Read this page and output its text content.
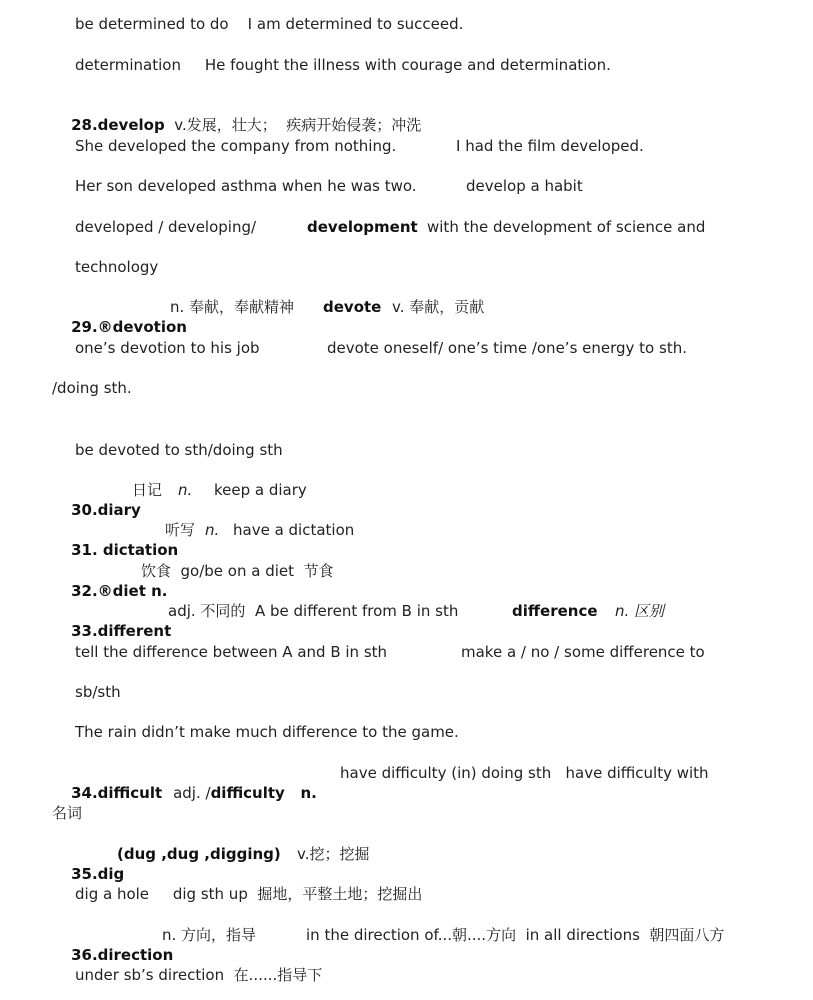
be determined to do    I am determined to succeed.
determination     He fought the illness with courage and determination.

28.develop  v.发展，壮大；  疾病开始侵袭；冲洗

She developed the company from nothing.	I had the film developed.
Her son developed asthma when he was two.	develop a habit
developed / developing/	development with the development of science and
technology

29.®devotion

n. 奉献，奉献精神 devote v. 奉献，贡献
one’s devotion to his job	devote oneself/ one’s time /one’s energy to sth.
/doing sth.
be devoted to sth/doing sth

30.diary

日记 n. keep a diary

31. dictation

听写 n. have a dictation

32.®diet n.

饮食  go/be on a diet  节食

33.different

adj. 不同的  A be different from B in sth	difference n. 区别
tell the difference between A and B in sth	make a / no / some difference to
sb/sth
The rain didn’t make much difference to the game.

34.difficult
adj. /difficulty   n.

have difficulty (in) doing sth   have difficulty with
名词

35.dig

(dug ,dug ,digging) v.挖；挖掘
dig a hole     dig sth up  掘地，平整土地；挖掘出

36.direction

n. 方向，指导	in the direction of...朝....方向  in all directions  朝四面八方
under sb’s direction  在......指导下
